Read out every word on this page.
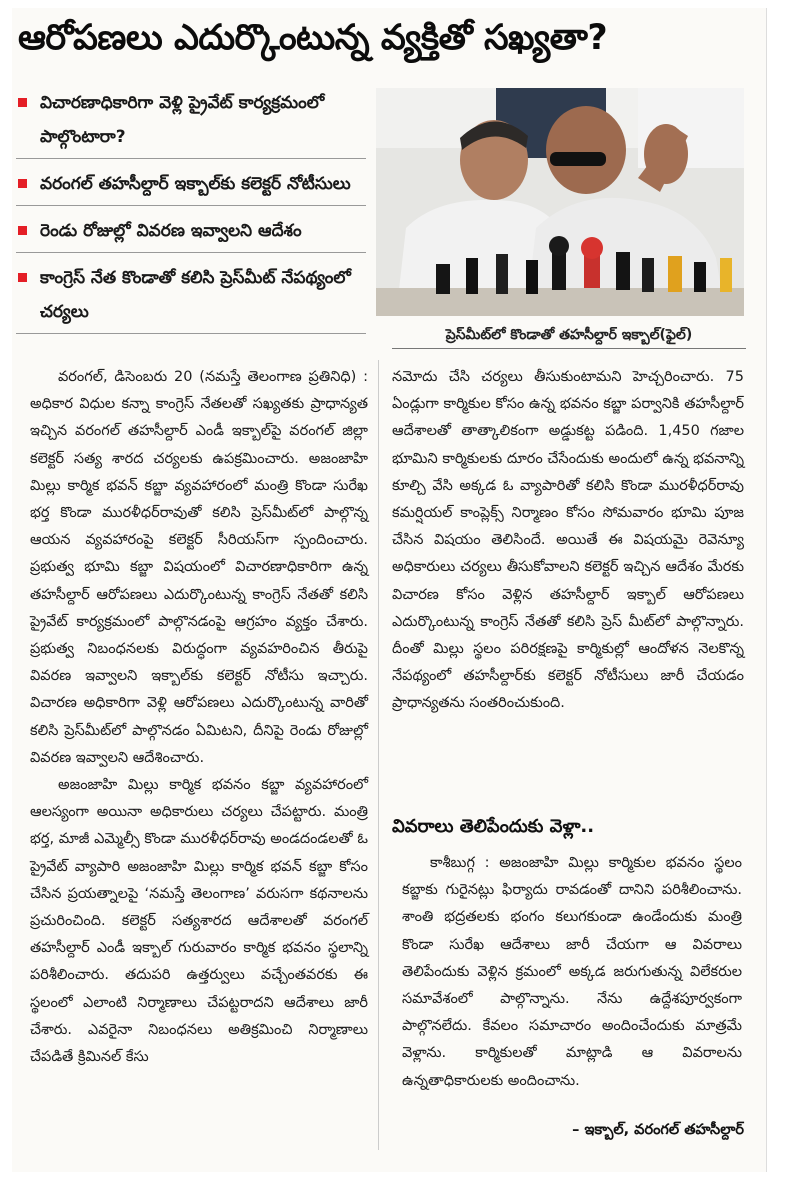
ఆరోపణలు ఎదుర్కొంటున్న వ్యక్తితో సఖ్యతా?
విచారణాధికారిగా వెళ్లి ప్రైవేట్ కార్యక్రమంలో పాల్గొంటారా?
వరంగల్ తహసీల్దార్ ఇక్బాల్‌కు కలెక్టర్ నోటీసులు
రెండు రోజుల్లో వివరణ ఇవ్వాలని ఆదేశం
కాంగ్రెస్ నేత కొండాతో కలిసి ప్రెస్‌మీట్ నేపథ్యంలో చర్యలు
ప్రెస్‌మీట్‌లో కొండాతో తహసీల్దార్ ఇక్బాల్(ఫైల్)

వరంగల్, డిసెంబరు 20 (నమస్తే తెలంగాణ ప్రతినిధి) : అధికార విధుల కన్నా కాంగ్రెస్ నేతలతో సఖ్యతకు ప్రాధాన్యత ఇచ్చిన వరంగల్ తహసీల్దార్ ఎండీ ఇక్బాల్‌పై వరంగల్ జిల్లా కలెక్టర్ సత్య శారద చర్యలకు ఉపక్రమించారు. అజంజాహి మిల్లు కార్మిక భవన్ కబ్జా వ్యవహారంలో మంత్రి కొండా సురేఖ భర్త కొండా మురళీధర్‌రావుతో కలిసి ప్రెస్‌మీట్‌లో పాల్గొన్న ఆయన వ్యవహారంపై కలెక్టర్ సీరియస్‌గా స్పందించారు. ప్రభుత్వ భూమి కబ్జా విషయంలో విచారణాధికారిగా ఉన్న తహసీల్దార్ ఆరోపణలు ఎదుర్కొంటున్న కాంగ్రెస్ నేతతో కలిసి ప్రైవేట్ కార్యక్రమంలో పాల్గొనడంపై ఆగ్రహం వ్యక్తం చేశారు. ప్రభుత్వ నిబంధనలకు విరుద్ధంగా వ్యవహరించిన తీరుపై వివరణ ఇవ్వాలని ఇక్బాల్‌కు కలెక్టర్ నోటీసు ఇచ్చారు. విచారణ అధికారిగా వెళ్లి ఆరోపణలు ఎదుర్కొంటున్న వారితో కలిసి ప్రెస్‌మీట్‌లో పాల్గొనడం ఏమిటని, దీనిపై రెండు రోజుల్లో వివరణ ఇవ్వాలని ఆదేశించారు.

అజంజాహి మిల్లు కార్మిక భవనం కబ్జా వ్యవహారంలో ఆలస్యంగా అయినా అధికారులు చర్యలు చేపట్టారు. మంత్రి భర్త, మాజీ ఎమ్మెల్సీ కొండా మురళీధర్‌రావు అండదండలతో ఓ ప్రైవేట్ వ్యాపారి అజంజాహి మిల్లు కార్మిక భవన్ కబ్జా కోసం చేసిన ప్రయత్నాలపై ‘నమస్తే తెలంగాణ’ వరుసగా కథనాలను ప్రచురించింది. కలెక్టర్ సత్యశారద ఆదేశాలతో వరంగల్ తహసీల్దార్ ఎండీ ఇక్బాల్ గురువారం కార్మిక భవనం స్థలాన్ని పరిశీలించారు. తదుపరి ఉత్తర్వులు వచ్చేంతవరకు ఈ స్థలంలో ఎలాంటి నిర్మాణాలు చేపట్టరాదని ఆదేశాలు జారీ చేశారు. ఎవరైనా నిబంధనలు అతిక్రమించి నిర్మాణాలు చేపడితే క్రిమినల్ కేసు

నమోదు చేసి చర్యలు తీసుకుంటామని హెచ్చరించారు. 75 ఏండ్లుగా కార్మికుల కోసం ఉన్న భవనం కబ్జా పర్వానికి తహసీల్దార్ ఆదేశాలతో తాత్కాలికంగా అడ్డుకట్ట పడింది. 1,450 గజాల భూమిని కార్మికులకు దూరం చేసేందుకు అందులో ఉన్న భవనాన్ని కూల్చి వేసి అక్కడ ఓ వ్యాపారితో కలిసి కొండా మురళీధర్‌రావు కమర్షియల్ కాంప్లెక్స్ నిర్మాణం కోసం సోమవారం భూమి పూజ చేసిన విషయం తెలిసిందే. అయితే ఈ విషయమై రెవెన్యూ అధికారులు చర్యలు తీసుకోవాలని కలెక్టర్ ఇచ్చిన ఆదేశం మేరకు విచారణ కోసం వెళ్లిన తహసీల్దార్ ఇక్బాల్ ఆరోపణలు ఎదుర్కొంటున్న కాంగ్రెస్ నేతతో కలిసి ప్రెస్ మీట్‌లో పాల్గొన్నారు. దీంతో మిల్లు స్థలం పరిరక్షణపై కార్మికుల్లో ఆందోళన నెలకొన్న నేపథ్యంలో తహసీల్దార్‌కు కలెక్టర్ నోటీసులు జారీ చేయడం ప్రాధాన్యతను సంతరించుకుంది.

వివరాలు తెలిపేందుకు వెళ్లా..

కాశీబుగ్గ : అజంజాహి మిల్లు కార్మికుల భవనం స్థలం కబ్జాకు గురైనట్లు ఫిర్యాదు రావడంతో దానిని పరిశీలించాను. శాంతి భద్రతలకు భంగం కలుగకుండా ఉండేందుకు మంత్రి కొండా సురేఖ ఆదేశాలు జారీ చేయగా ఆ వివరాలు తెలిపేందుకు వెళ్లిన క్రమంలో అక్కడ జరుగుతున్న విలేకరుల సమావేశంలో పాల్గొన్నాను. నేను ఉద్దేశపూర్వకంగా పాల్గొనలేదు. కేవలం సమాచారం అందించేందుకు మాత్రమే వెళ్లాను. కార్మికులతో మాట్లాడి ఆ వివరాలను ఉన్నతాధికారులకు అందించాను.

– ఇక్బాల్, వరంగల్ తహసీల్దార్
